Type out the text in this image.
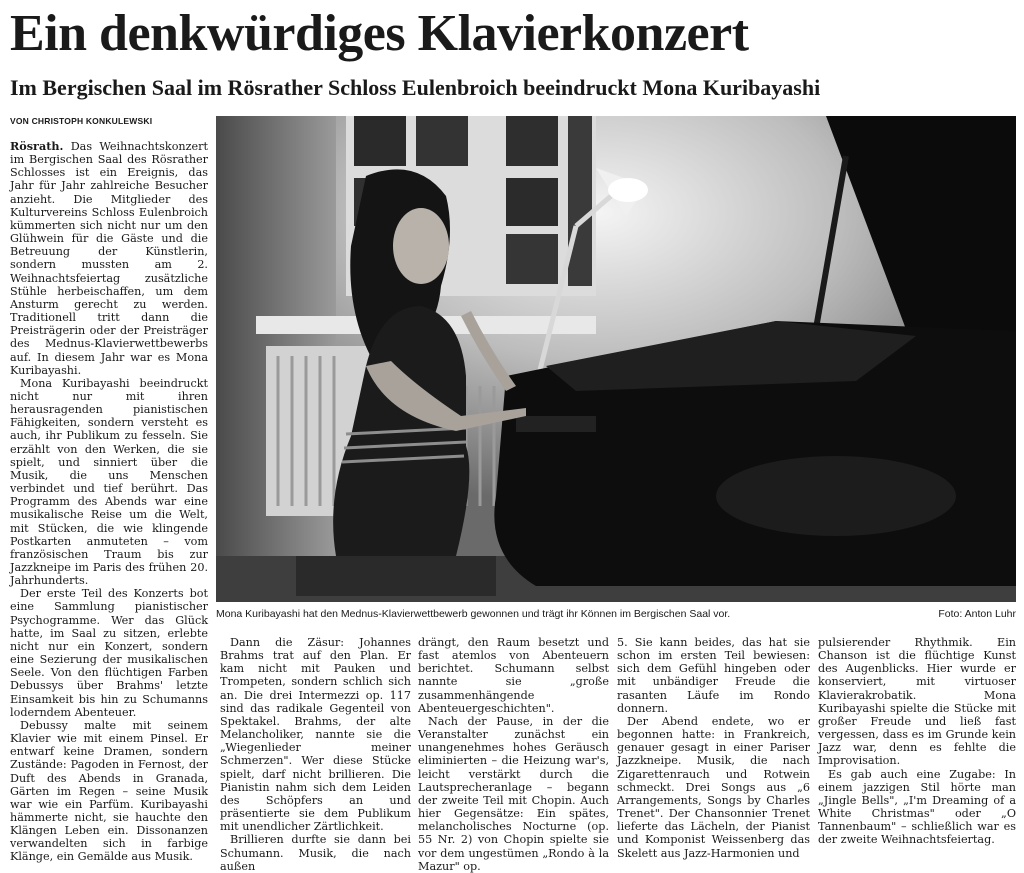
Ein denkwürdiges Klavierkonzert
Im Bergischen Saal im Rösrather Schloss Eulenbroich beeindruckt Mona Kuribayashi
VON CHRISTOPH KONKULEWSKI

Rösrath. Das Weihnachtskonzert im Bergischen Saal des Rösrather Schlosses ist ein Ereignis, das Jahr für Jahr zahlreiche Besucher anzieht. Die Mitglieder des Kulturvereins Schloss Eulenbroich kümmerten sich nicht nur um den Glühwein für die Gäste und die Betreuung der Künstlerin, sondern mussten am 2. Weihnachtsfeiertag zusätzliche Stühle herbeischaffen, um dem Ansturm gerecht zu werden. Traditionell tritt dann die Preisträgerin oder der Preisträger des Mednus-Klavierwettbewerbs auf. In diesem Jahr war es Mona Kuribayashi.

Mona Kuribayashi beeindruckt nicht nur mit ihren herausragenden pianistischen Fähigkeiten, sondern versteht es auch, ihr Publikum zu fesseln. Sie erzählt von den Werken, die sie spielt, und sinniert über die Musik, die uns Menschen verbindet und tief berührt. Das Programm des Abends war eine musikalische Reise um die Welt, mit Stücken, die wie klingende Postkarten anmuteten – vom französischen Traum bis zur Jazzkneipe im Paris des frühen 20. Jahrhunderts.

Der erste Teil des Konzerts bot eine Sammlung pianistischer Psychogramme. Wer das Glück hatte, im Saal zu sitzen, erlebte nicht nur ein Konzert, sondern eine Sezierung der musikalischen Seele. Von den flüchtigen Farben Debussys über Brahms' letzte Einsamkeit bis hin zu Schumanns loderndem Abenteuer.

Debussy malte mit seinem Klavier wie mit einem Pinsel. Er entwarf keine Dramen, sondern Zustände: Pagoden in Fernost, der Duft des Abends in Granada, Gärten im Regen – seine Musik war wie ein Parfüm. Kuribayashi hämmerte nicht, sie hauchte den Klängen Leben ein. Dissonanzen verwandelten sich in farbige Klänge, ein Gemälde aus Musik.

Mona Kuribayashi hat den Mednus-Klavierwettbewerb gewonnen und trägt ihr Können im Bergischen Saal vor.	Foto: Anton Luhr

Dann die Zäsur: Johannes Brahms trat auf den Plan. Er kam nicht mit Pauken und Trompeten, sondern schlich sich an. Die drei Intermezzi op. 117 sind das radikale Gegenteil von Spektakel. Brahms, der alte Melancholiker, nannte sie die „Wiegenlieder meiner Schmerzen". Wer diese Stücke spielt, darf nicht brillieren. Die Pianistin nahm sich dem Leiden des Schöpfers an und präsentierte sie dem Publikum mit unendlicher Zärtlichkeit.

Brillieren durfte sie dann bei Schumann. Musik, die nach außen

drängt, den Raum besetzt und fast atemlos von Abenteuern berichtet. Schumann selbst nannte sie „große zusammenhängende Abenteuergeschichten".

Nach der Pause, in der die Veranstalter zunächst ein unangenehmes hohes Geräusch eliminierten – die Heizung war's, leicht verstärkt durch die Lautsprecheranlage – begann der zweite Teil mit Chopin. Auch hier Gegensätze: Ein spätes, melancholisches Nocturne (op. 55 Nr. 2) von Chopin spielte sie vor dem ungestümen „Rondo à la Mazur" op.

5. Sie kann beides, das hat sie schon im ersten Teil bewiesen: sich dem Gefühl hingeben oder mit unbändiger Freude die rasanten Läufe im Rondo donnern.

Der Abend endete, wo er begonnen hatte: in Frankreich, genauer gesagt in einer Pariser Jazzkneipe. Musik, die nach Zigarettenrauch und Rotwein schmeckt. Drei Songs aus „6 Arrangements, Songs by Charles Trenet". Der Chansonnier Trenet lieferte das Lächeln, der Pianist und Komponist Weissenberg das Skelett aus Jazz-Harmonien und

pulsierender Rhythmik. Ein Chanson ist die flüchtige Kunst des Augenblicks. Hier wurde er konserviert, mit virtuoser Klavierakrobatik. Mona Kuribayashi spielte die Stücke mit großer Freude und ließ fast vergessen, dass es im Grunde kein Jazz war, denn es fehlte die Improvisation.

Es gab auch eine Zugabe: In einem jazzigen Stil hörte man „Jingle Bells", „I'm Dreaming of a White Christmas" oder „O Tannenbaum" – schließlich war es der zweite Weihnachtsfeiertag.
